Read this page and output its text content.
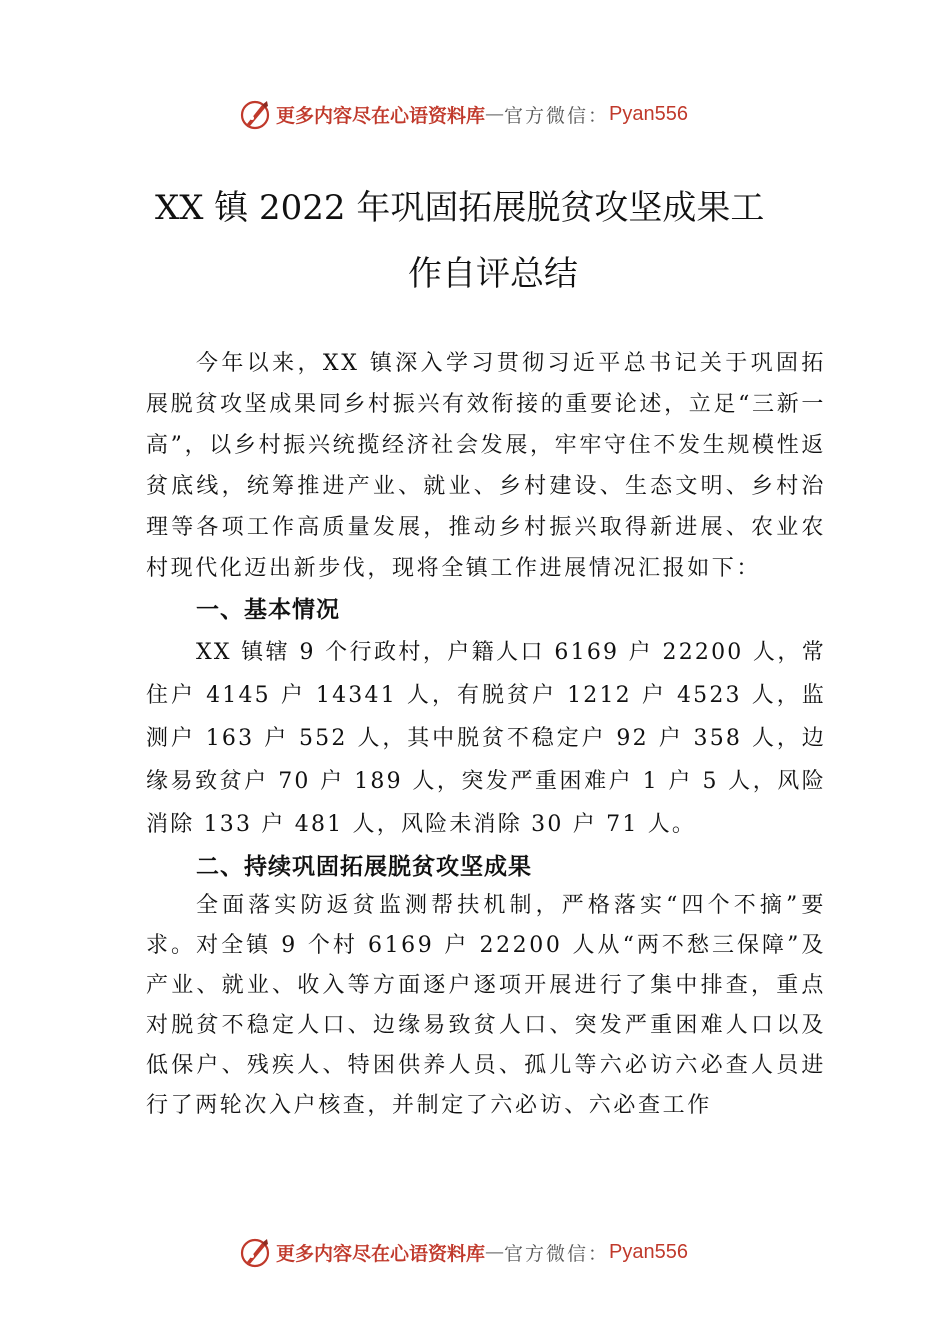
更多内容尽在心语资料库 — 官方微信： Pyan556
XX 镇 2022 年巩固拓展脱贫攻坚成果工
作自评总结

今年以来，XX 镇深入学习贯彻习近平总书记关于巩固拓展脱贫攻坚成果同乡村振兴有效衔接的重要论述，立足“三新一高”，以乡村振兴统揽经济社会发展，牢牢守住不发生规模性返贫底线，统筹推进产业、就业、乡村建设、生态文明、乡村治理等各项工作高质量发展，推动乡村振兴取得新进展、农业农村现代化迈出新步伐，现将全镇工作进展情况汇报如下：

一、基本情况

XX 镇辖 9 个行政村，户籍人口 6169 户 22200 人，常住户 4145 户 14341 人，有脱贫户 1212 户 4523 人，监测户 163 户 552 人，其中脱贫不稳定户 92 户 358 人，边缘易致贫户 70 户 189 人，突发严重困难户 1 户 5 人，风险消除 133 户 481 人，风险未消除 30 户 71 人。

二、持续巩固拓展脱贫攻坚成果

全面落实防返贫监测帮扶机制，严格落实“四个不摘”要求。对全镇 9 个村 6169 户 22200 人从“两不愁三保障”及产业、就业、收入等方面逐户逐项开展进行了集中排查，重点对脱贫不稳定人口、边缘易致贫人口、突发严重困难人口以及低保户、残疾人、特困供养人员、孤儿等六必访六必查人员进行了两轮次入户核查，并制定了六必访、六必查工作

更多内容尽在心语资料库 — 官方微信： Pyan556
